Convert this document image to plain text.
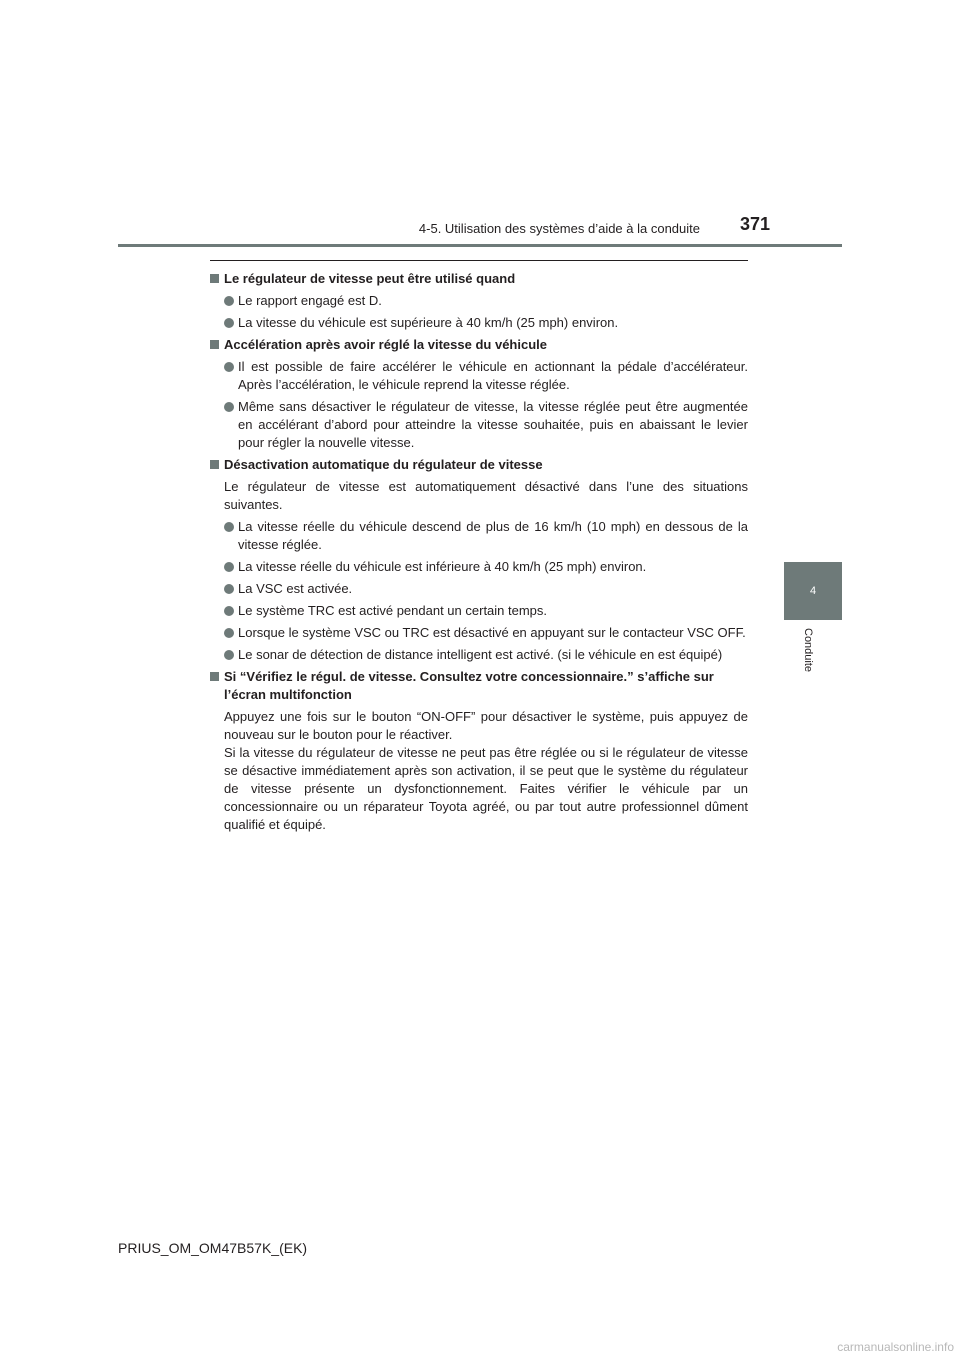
4-5. Utilisation des systèmes d’aide à la conduite	371
4
Conduite
Le régulateur de vitesse peut être utilisé quand
Le rapport engagé est D.
La vitesse du véhicule est supérieure à 40 km/h (25 mph) environ.
Accélération après avoir réglé la vitesse du véhicule
Il est possible de faire accélérer le véhicule en actionnant la pédale d’accélérateur. Après l’accélération, le véhicule reprend la vitesse réglée.
Même sans désactiver le régulateur de vitesse, la vitesse réglée peut être augmentée en accélérant d’abord pour atteindre la vitesse souhaitée, puis en abaissant le levier pour régler la nouvelle vitesse.
Désactivation automatique du régulateur de vitesse
Le régulateur de vitesse est automatiquement désactivé dans l’une des situations suivantes.
La vitesse réelle du véhicule descend de plus de 16 km/h (10 mph) en dessous de la vitesse réglée.
La vitesse réelle du véhicule est inférieure à 40 km/h (25 mph) environ.
La VSC est activée.
Le système TRC est activé pendant un certain temps.
Lorsque le système VSC ou TRC est désactivé en appuyant sur le contacteur VSC OFF.
Le sonar de détection de distance intelligent est activé. (si le véhicule en est équipé)
Si “Vérifiez le régul. de vitesse. Consultez votre concessionnaire.” s’affiche sur l’écran multifonction
Appuyez une fois sur le bouton “ON-OFF” pour désactiver le système, puis appuyez de nouveau sur le bouton pour le réactiver.
Si la vitesse du régulateur de vitesse ne peut pas être réglée ou si le régulateur de vitesse se désactive immédiatement après son activation, il se peut que le système du régulateur de vitesse présente un dysfonctionnement. Faites vérifier le véhicule par un concessionnaire ou un réparateur Toyota agréé, ou par tout autre professionnel dûment qualifié et équipé.
PRIUS_OM_OM47B57K_(EK)
carmanualsonline.info
